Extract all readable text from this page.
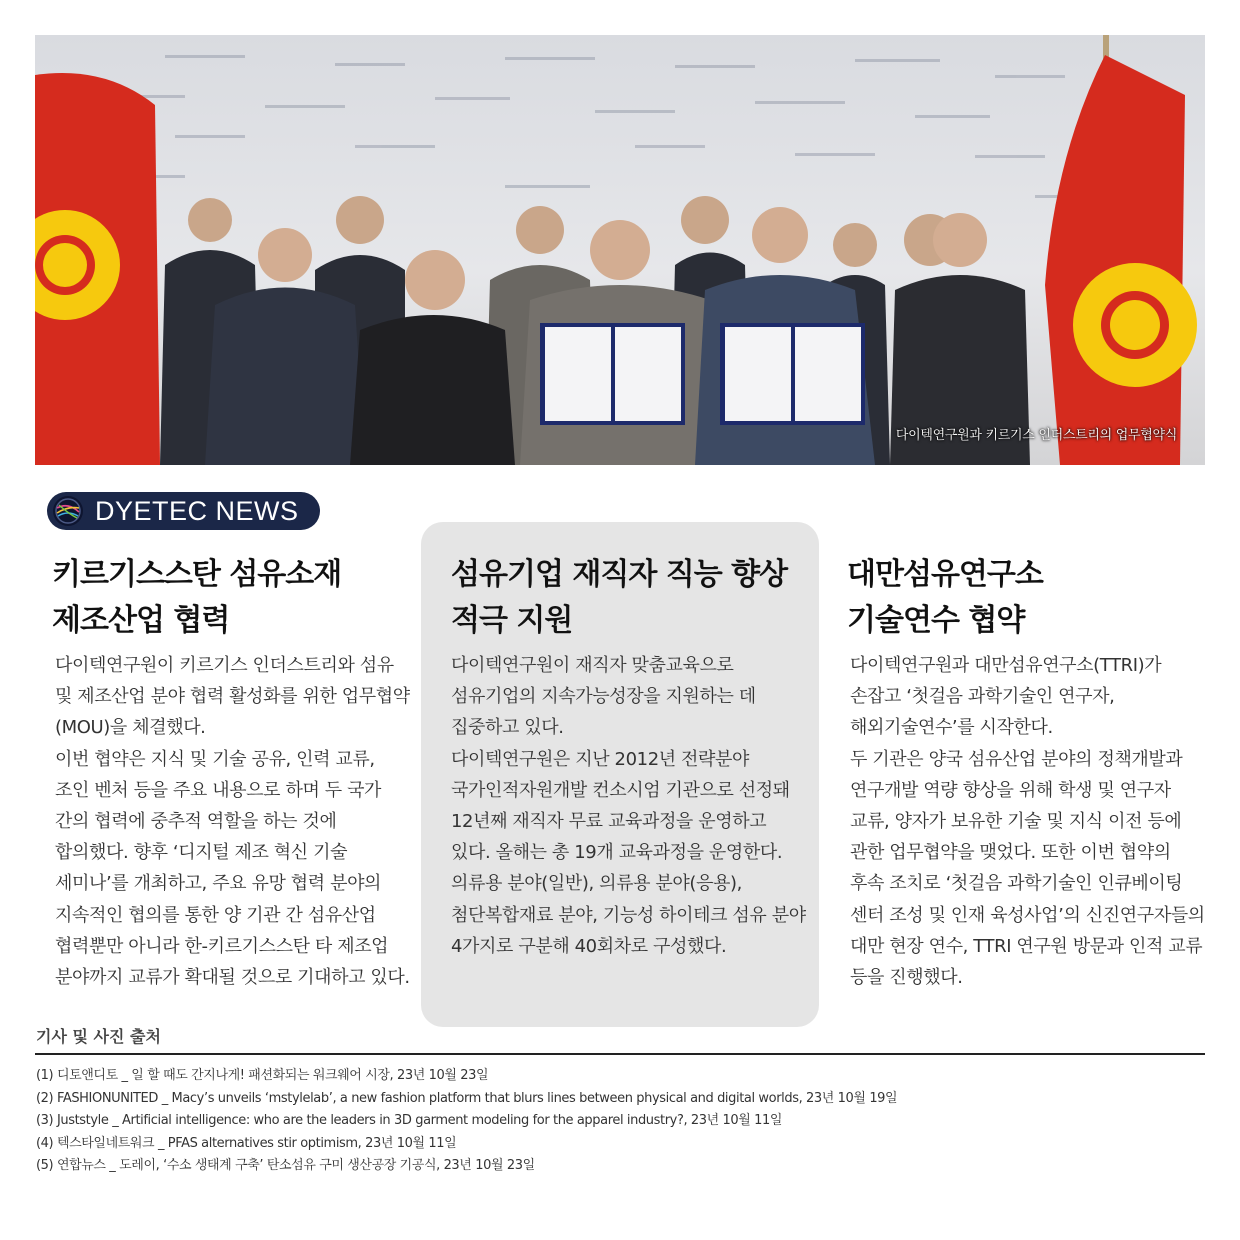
다이텍연구원과 키르기스 인더스트리의 업무협약식
DYETEC NEWS
키르기스스탄 섬유소재
제조산업 협력

다이텍연구원이 키르기스 인더스트리와 섬유 및 제조산업 분야 협력 활성화를 위한 업무협약(MOU)을 체결했다.

이번 협약은 지식 및 기술 공유, 인력 교류, 조인 벤처 등을 주요 내용으로 하며 두 국가 간의 협력에 중추적 역할을 하는 것에 합의했다. 향후 ‘디지털 제조 혁신 기술 세미나’를 개최하고, 주요 유망 협력 분야의 지속적인 협의를 통한 양 기관 간 섬유산업 협력뿐만 아니라 한-키르기스스탄 타 제조업 분야까지 교류가 확대될 것으로 기대하고 있다.

섬유기업 재직자 직능 향상
적극 지원

다이텍연구원이 재직자 맞춤교육으로 섬유기업의 지속가능성장을 지원하는 데 집중하고 있다.

다이텍연구원은 지난 2012년 전략분야 국가인적자원개발 컨소시엄 기관으로 선정돼 12년째 재직자 무료 교육과정을 운영하고 있다. 올해는 총 19개 교육과정을 운영한다. 의류용 분야(일반), 의류용 분야(응용), 첨단복합재료 분야, 기능성 하이테크 섬유 분야 4가지로 구분해 40회차로 구성했다.

대만섬유연구소
기술연수 협약

다이텍연구원과 대만섬유연구소(TTRI)가 손잡고 ‘첫걸음 과학기술인 연구자, 해외기술연수’를 시작한다.

두 기관은 양국 섬유산업 분야의 정책개발과 연구개발 역량 향상을 위해 학생 및 연구자 교류, 양자가 보유한 기술 및 지식 이전 등에 관한 업무협약을 맺었다. 또한 이번 협약의 후속 조치로 ‘첫걸음 과학기술인 인큐베이팅 센터 조성 및 인재 육성사업’의 신진연구자들의 대만 현장 연수, TTRI 연구원 방문과 인적 교류 등을 진행했다.

기사 및 사진 출처
(1) 디토앤디토 _ 일 할 때도 간지나게! 패션화되는 워크웨어 시장, 23년 10월 23일
(2) FASHIONUNITED _ Macy’s unveils ‘mstylelab’, a new fashion platform that blurs lines between physical and digital worlds, 23년 10월 19일
(3) Juststyle _ Artificial intelligence: who are the leaders in 3D garment modeling for the apparel industry?, 23년 10월 11일
(4) 텍스타일네트워크 _ PFAS alternatives stir optimism, 23년 10월 11일
(5) 연합뉴스 _ 도레이, ‘수소 생태계 구축’ 탄소섬유 구미 생산공장 기공식, 23년 10월 23일
